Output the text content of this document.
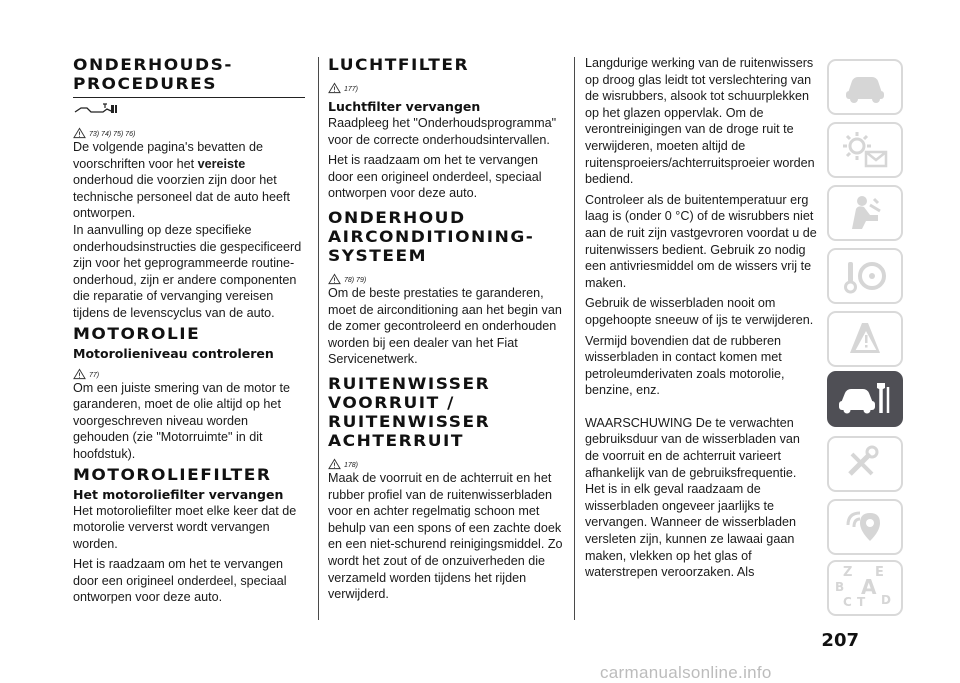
ONDERHOUDS-
PROCEDURES
73) 74) 75) 76)

De volgende pagina's bevatten de voorschriften voor het vereiste onderhoud die voorzien zijn door het technische personeel dat de auto heeft ontworpen.

In aanvulling op deze specifieke onderhoudsinstructies die gespecificeerd zijn voor het geprogrammeerde routine-onderhoud, zijn er andere componenten die reparatie of vervanging vereisen tijdens de levenscyclus van de auto.

MOTOROLIE
Motorolieniveau controleren
77)

Om een juiste smering van de motor te garanderen, moet de olie altijd op het voorgeschreven niveau worden gehouden (zie "Motorruimte" in dit hoofdstuk).

MOTOROLIEFILTER
Het motoroliefilter vervangen

Het motoroliefilter moet elke keer dat de motorolie ververst wordt vervangen worden.

Het is raadzaam om het te vervangen door een origineel onderdeel, speciaal ontworpen voor deze auto.

LUCHTFILTER
177)
Luchtfilter vervangen

Raadpleeg het "Onderhoudsprogramma" voor de correcte onderhoudsintervallen.

Het is raadzaam om het te vervangen door een origineel onderdeel, speciaal ontworpen voor deze auto.

ONDERHOUD
AIRCONDITIONING-
SYSTEEM
78) 79)

Om de beste prestaties te garanderen, moet de airconditioning aan het begin van de zomer gecontroleerd en onderhouden worden bij een dealer van het Fiat Servicenetwerk.

RUITENWISSER
VOORRUIT /
RUITENWISSER
ACHTERRUIT
178)

Maak de voorruit en de achterruit en het rubber profiel van de ruitenwisserbladen voor en achter regelmatig schoon met behulp van een spons of een zachte doek en een niet-schurend reinigingsmiddel. Zo wordt het zout of de onzuiverheden die verzameld worden tijdens het rijden verwijderd.

Langdurige werking van de ruitenwissers op droog glas leidt tot verslechtering van de wisrubbers, alsook tot schuurplekken op het glazen oppervlak. Om de verontreinigingen van de droge ruit te verwijderen, moeten altijd de ruitensproeiers/achterruitsproeier worden bediend.

Controleer als de buitentemperatuur erg laag is (onder 0 °C) of de wisrubbers niet aan de ruit zijn vastgevroren voordat u de ruitenwissers bedient. Gebruik zo nodig een antivriesmiddel om de wissers vrij te maken.

Gebruik de wisserbladen nooit om opgehoopte sneeuw of ijs te verwijderen.

Vermijd bovendien dat de rubberen wisserbladen in contact komen met petroleumderivaten zoals motorolie, benzine, enz.

WAARSCHUWING De te verwachten gebruiksduur van de wisserbladen van de voorruit en de achterruit varieert afhankelijk van de gebruiksfrequentie. Het is in elk geval raadzaam de wisserbladen ongeveer jaarlijks te vervangen. Wanneer de wisserbladen versleten zijn, kunnen ze lawaai gaan maken, vlekken op het glas of waterstrepen veroorzaken. Als	Z E
B A
C T D
207
carmanualsonline.info
